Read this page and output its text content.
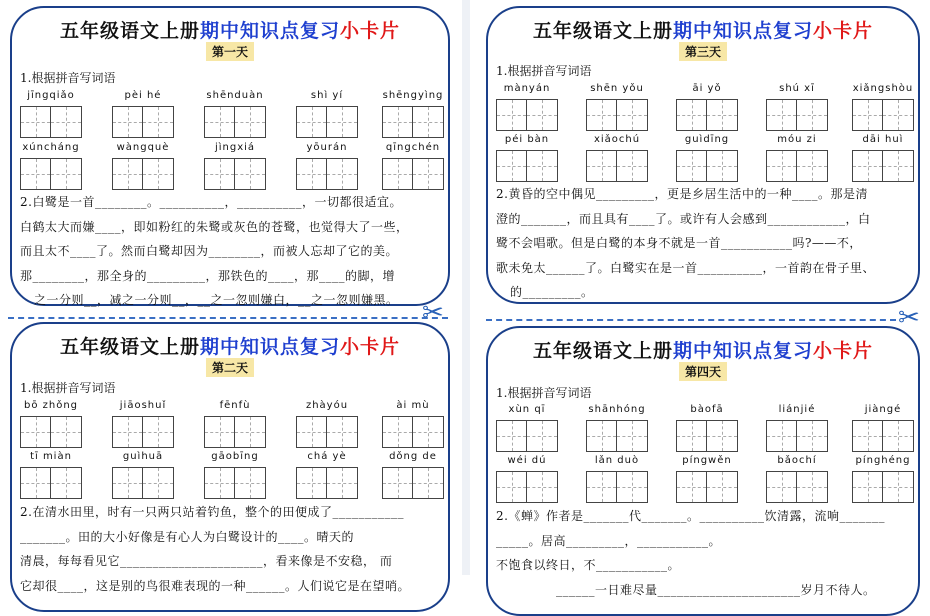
五年级语文上册期中知识点复习小卡片
第一天
1.根据拼音写词语
jīngqiǎo	pèi hé	shēnduàn	shì yí	shēngyìng
xúncháng	wàngquè	jìngxiá	yōurán	qīngchén
2.白鹭是一首________。__________，__________，一切都很适宜。
白鹤太大而嫌____，即如粉红的朱鹭或灰色的苍鹭，也觉得大了一些，
而且太不____了。然而白鹭却因为________，而被人忘却了它的美。
那________，那全身的_________，那铁色的____，那____的脚，增
之一分则__，减之一分则__，__之一忽则嫌白，__之一忽则嫌黑。
五年级语文上册期中知识点复习小卡片
第三天
1.根据拼音写词语
mànyán	shēn yǒu	āi yǒ	shú xī	xiǎngshòu
péi bàn	xiǎochú	guìdīng	móu zi	dāi huì
2.黄昏的空中偶见_________，更是乡居生活中的一种____。那是清
澄的_______，而且具有____了。或许有人会感到____________，白
鹭不会唱歌。但是白鹭的本身不就是一首___________吗?——不，
歌未免太______了。白鹭实在是一首__________，一首韵在骨子里、
的_________。
✂	✂
五年级语文上册期中知识点复习小卡片
第二天
1.根据拼音写词语
bō zhǒng	jiāoshuǐ	fēnfù	zhàyóu	ài mù
tī miàn	guìhuā	gāobīng	chá yè	dǒng de
2.在清水田里，时有一只两只站着钓鱼，整个的田便成了___________
_______。田的大小好像是有心人为白鹭设计的____。晴天的
清晨，每每看见它______________________，看来像是不安稳， 而
它却很____，这是别的鸟很难表现的一种______。人们说它是在望哨。
五年级语文上册期中知识点复习小卡片
第四天
1.根据拼音写词语
xùn qī	shānhóng	bàofā	liánjié	jiàngé
wéi dú	lǎn duò	píngwěn	bǎochí	pínghéng
2.《蝉》作者是_______代_______。__________饮清露，流响_______
_____。居高_________，___________。
不饱食以终日，不___________。
______一日难尽量______________________岁月不待人。
